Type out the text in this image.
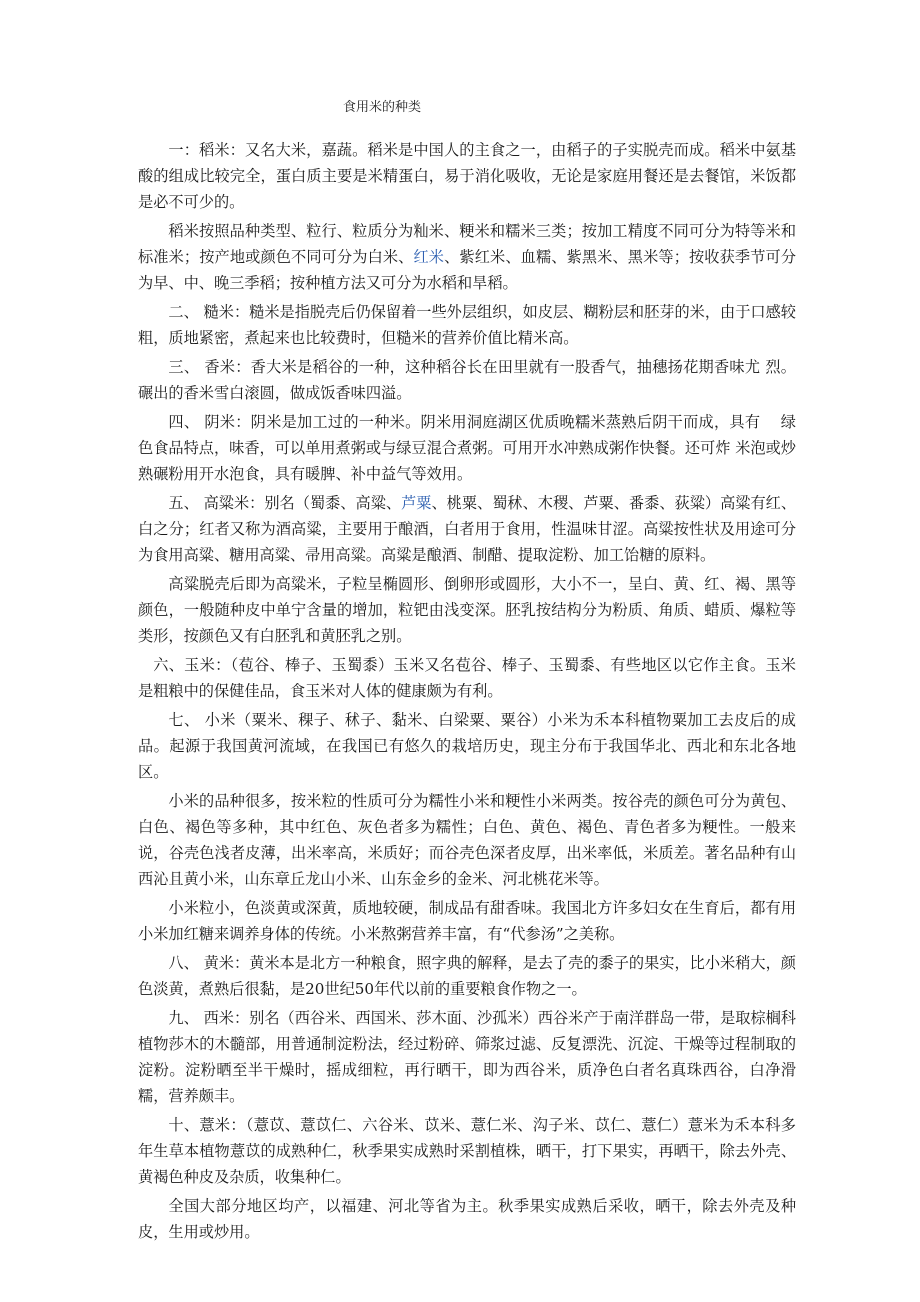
食用米的种类

一：稻米：又名大米，嘉蔬。稻米是中国人的主食之一，由稻子的子实脱壳而成。稻米中氨基酸的组成比较完全，蛋白质主要是米精蛋白，易于消化吸收，无论是家庭用餐还是去餐馆，米饭都是必不可少的。

稻米按照品种类型、粒行、粒质分为籼米、粳米和糯米三类；按加工精度不同可分为特等米和标准米；按产地或颜色不同可分为白米、红米、紫红米、血糯、紫黑米、黑米等；按收获季节可分为早、中、晚三季稻；按种植方法又可分为水稻和旱稻。

二、 糙米：糙米是指脱壳后仍保留着一些外层组织，如皮层、糊粉层和胚芽的米，由于口感较粗，质地紧密，煮起来也比较费时，但糙米的营养价值比精米高。

三、 香米：香大米是稻谷的一种，这种稻谷长在田里就有一股香气，抽穗扬花期香味尤 烈。碾出的香米雪白滚圆，做成饭香味四溢。

四、 阴米：阴米是加工过的一种米。阴米用洞庭湖区优质晚糯米蒸熟后阴干而成，具有　 绿色食品特点，味香，可以单用煮粥或与绿豆混合煮粥。可用开水冲熟成粥作快餐。还可炸 米泡或炒熟碾粉用开水泡食，具有暖脾、补中益气等效用。

五、 高粱米：别名（蜀黍、高粱、芦粟、桃粟、蜀秫、木稷、芦粟、番黍、荻粱）高粱有红、白之分；红者又称为酒高粱，主要用于酿酒，白者用于食用，性温味甘涩。高粱按性状及用途可分为食用高粱、糖用高粱、帚用高粱。高粱是酿酒、制醋、提取淀粉、加工饴糖的原料。

高粱脱壳后即为高粱米，子粒呈椭圆形、倒卵形或圆形，大小不一，呈白、黄、红、褐、黑等颜色，一般随种皮中单宁含量的增加，粒钯由浅变深。胚乳按结构分为粉质、角质、蜡质、爆粒等类形，按颜色又有白胚乳和黄胚乳之别。

六、玉米：（苞谷、棒子、玉蜀黍）玉米又名苞谷、棒子、玉蜀黍、有些地区以它作主食。玉米是粗粮中的保健佳品，食玉米对人体的健康颇为有利。

七、 小米（粟米、稞子、秫子、黏米、白梁粟、粟谷）小米为禾本科植物粟加工去皮后的成品。起源于我国黄河流域，在我国已有悠久的栽培历史，现主分布于我国华北、西北和东北各地区。

小米的品种很多，按米粒的性质可分为糯性小米和粳性小米两类。按谷壳的颜色可分为黄包、白色、褐色等多种，其中红色、灰色者多为糯性；白色、黄色、褐色、青色者多为粳性。一般来说，谷壳色浅者皮薄，出米率高，米质好；而谷壳色深者皮厚，出米率低，米质差。著名品种有山西沁且黄小米，山东章丘龙山小米、山东金乡的金米、河北桃花米等。

小米粒小，色淡黄或深黄，质地较硬，制成品有甜香味。我国北方许多妇女在生育后，都有用小米加红糖来调养身体的传统。小米熬粥营养丰富，有“代参汤”之美称。

八、 黄米：黄米本是北方一种粮食，照字典的解释，是去了壳的黍子的果实，比小米稍大，颜色淡黄，煮熟后很黏，是20世纪50年代以前的重要粮食作物之一。

九、 西米：别名（西谷米、西国米、莎木面、沙孤米）西谷米产于南洋群岛一带，是取棕榈科植物莎木的木髓部，用普通制淀粉法，经过粉碎、筛浆过滤、反复漂洗、沉淀、干燥等过程制取的淀粉。淀粉晒至半干燥时，摇成细粒，再行晒干，即为西谷米，质净色白者名真珠西谷，白净滑糯，营养颇丰。

十、薏米：（薏苡、薏苡仁、六谷米、苡米、薏仁米、沟子米、苡仁、薏仁）薏米为禾本科多年生草本植物薏苡的成熟种仁，秋季果实成熟时采割植株，晒干，打下果实，再晒干，除去外壳、黄褐色种皮及杂质，收集种仁。

全国大部分地区均产，以福建、河北等省为主。秋季果实成熟后采收，晒干，除去外壳及种皮，生用或炒用。
